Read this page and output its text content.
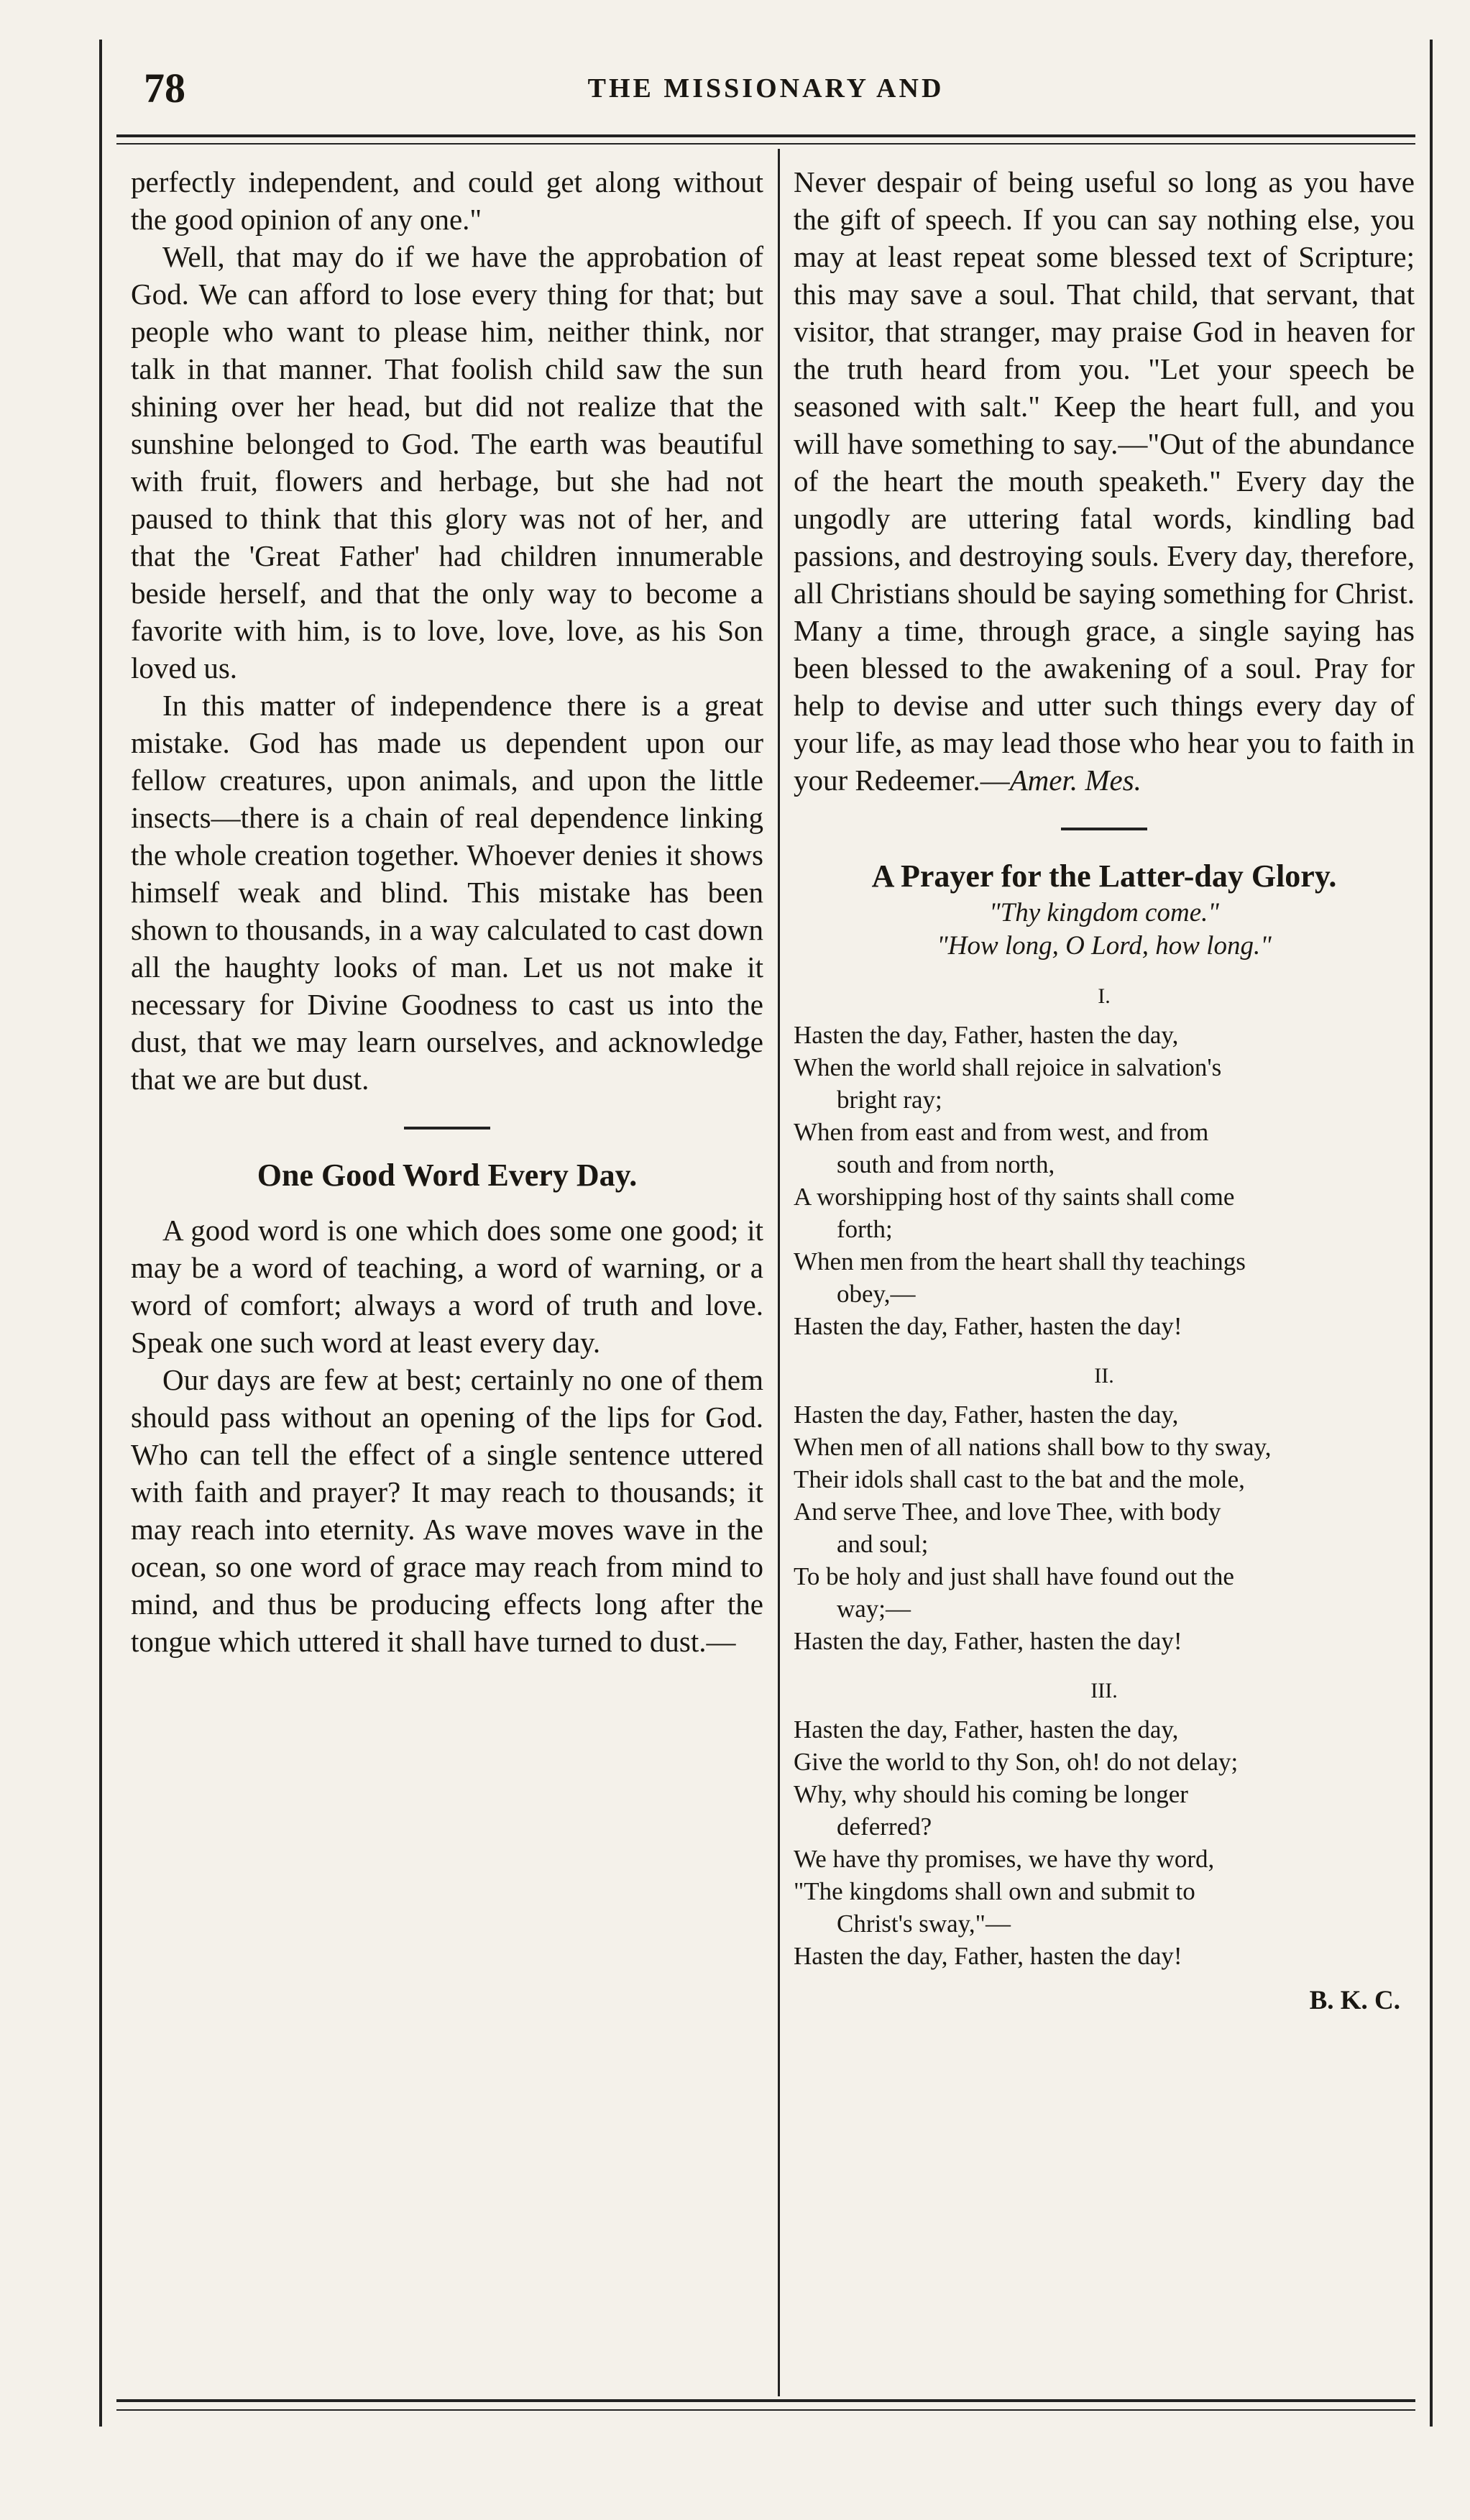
78	THE MISSIONARY AND

perfectly independent, and could get along without the good opinion of any one."

Well, that may do if we have the approbation of God. We can afford to lose every thing for that; but people who want to please him, neither think, nor talk in that manner. That foolish child saw the sun shining over her head, but did not realize that the sunshine belonged to God. The earth was beautiful with fruit, flowers and herbage, but she had not paused to think that this glory was not of her, and that the 'Great Father' had children innumerable beside herself, and that the only way to become a favorite with him, is to love, love, love, as his Son loved us.

In this matter of independence there is a great mistake. God has made us dependent upon our fellow creatures, upon animals, and upon the little insects—there is a chain of real dependence linking the whole creation together. Whoever denies it shows himself weak and blind. This mistake has been shown to thousands, in a way calculated to cast down all the haughty looks of man. Let us not make it necessary for Divine Goodness to cast us into the dust, that we may learn ourselves, and acknowledge that we are but dust.

One Good Word Every Day.

A good word is one which does some one good; it may be a word of teaching, a word of warning, or a word of comfort; always a word of truth and love. Speak one such word at least every day.

Our days are few at best; certainly no one of them should pass without an opening of the lips for God. Who can tell the effect of a single sentence uttered with faith and prayer? It may reach to thousands; it may reach into eternity. As wave moves wave in the ocean, so one word of grace may reach from mind to mind, and thus be producing effects long after the tongue which uttered it shall have turned to dust.—

Never despair of being useful so long as you have the gift of speech. If you can say nothing else, you may at least repeat some blessed text of Scripture; this may save a soul. That child, that servant, that visitor, that stranger, may praise God in heaven for the truth heard from you. "Let your speech be seasoned with salt." Keep the heart full, and you will have something to say.—"Out of the abundance of the heart the mouth speaketh." Every day the ungodly are uttering fatal words, kindling bad passions, and destroying souls. Every day, therefore, all Christians should be saying something for Christ. Many a time, through grace, a single saying has been blessed to the awakening of a soul. Pray for help to devise and utter such things every day of your life, as may lead those who hear you to faith in your Redeemer.—Amer. Mes.

A Prayer for the Latter-day Glory.

"Thy kingdom come."

"How long, O Lord, how long."

I.

Hasten the day, Father, hasten the day,

When the world shall rejoice in salvation's

bright ray;

When from east and from west, and from

south and from north,

A worshipping host of thy saints shall come

forth;

When men from the heart shall thy teachings

obey,—

Hasten the day, Father, hasten the day!

II.

Hasten the day, Father, hasten the day,

When men of all nations shall bow to thy sway,

Their idols shall cast to the bat and the mole,

And serve Thee, and love Thee, with body

and soul;

To be holy and just shall have found out the

way;—

Hasten the day, Father, hasten the day!

III.

Hasten the day, Father, hasten the day,

Give the world to thy Son, oh! do not delay;

Why, why should his coming be longer

deferred?

We have thy promises, we have thy word,

"The kingdoms shall own and submit to

Christ's sway,"—

Hasten the day, Father, hasten the day!

B. K. C.
